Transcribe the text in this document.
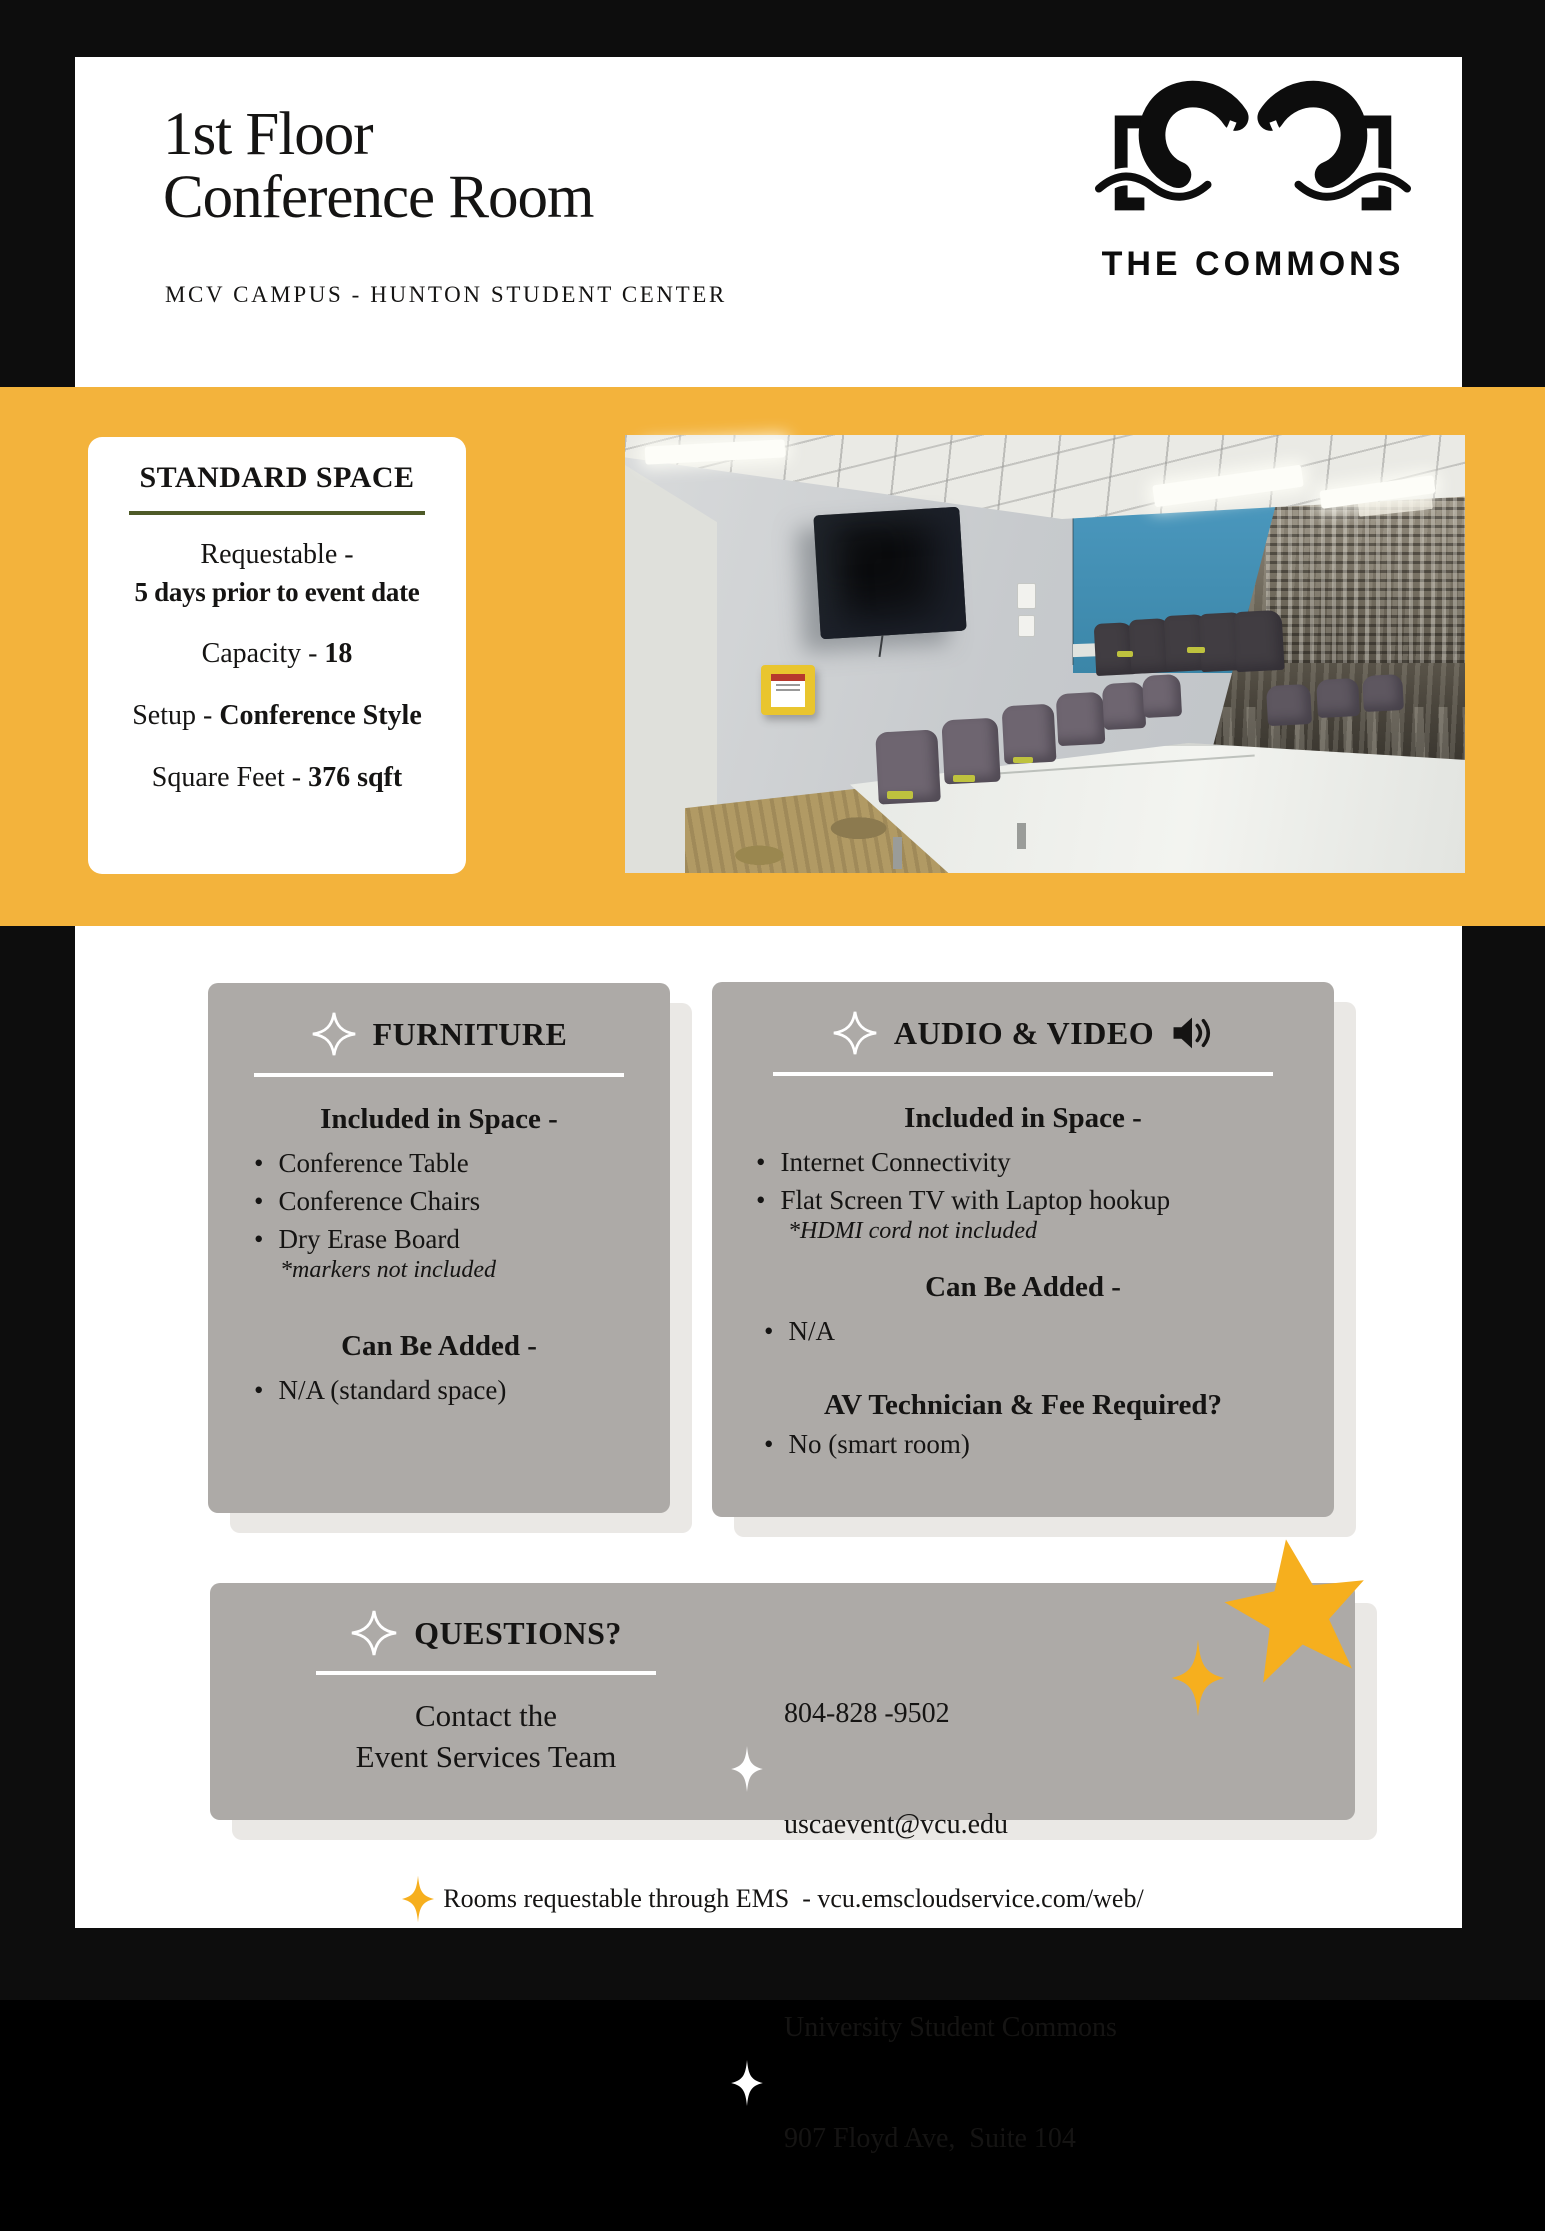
1st Floor
Conference Room
MCV CAMPUS - HUNTON STUDENT CENTER
THE COMMONS
STANDARD SPACE
Requestable -
5 days prior to event date
Capacity - 18
Setup - Conference Style
Square Feet - 376 sqft
FURNITURE
Included in Space -
• Conference Table
• Conference Chairs
• Dry Erase Board
*markers not included
Can Be Added -
• N/A (standard space)
AUDIO & VIDEO
Included in Space -
• Internet Connectivity
• Flat Screen TV with Laptop hookup
*HDMI cord not included
Can Be Added -
• N/A
AV Technician & Fee Required?
• No (smart room)
QUESTIONS?
Contact the
Event Services Team

804-828 -9502

uscaevent@vcu.edu

University Student Commons

907 Floyd Ave,  Suite 104

Rooms requestable through EMS  - vcu.emscloudservice.com/web/
